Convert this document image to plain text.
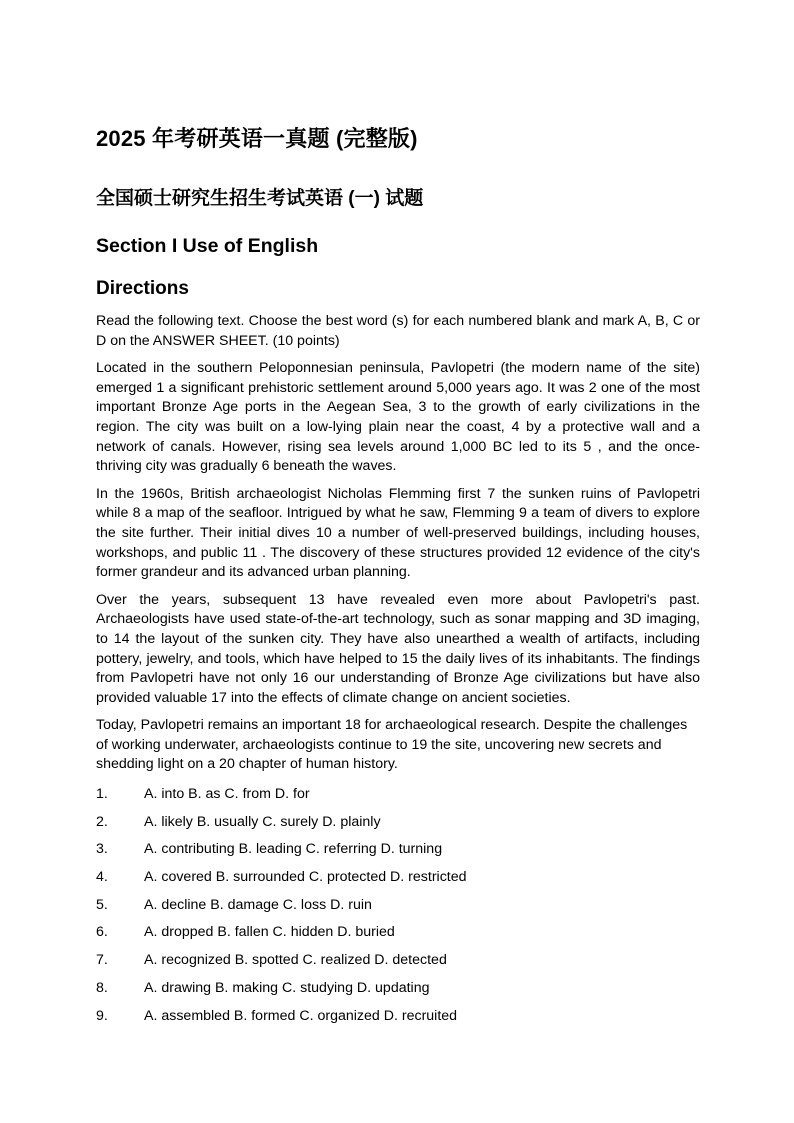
2025 年考研英语一真题 (完整版)
全国硕士研究生招生考试英语 (一) 试题
Section I Use of English
Directions

Read the following text. Choose the best word (s) for each numbered blank and mark A, B, C or D on the ANSWER SHEET. (10 points)

Located in the southern Peloponnesian peninsula, Pavlopetri (the modern name of the site) emerged 1 a significant prehistoric settlement around 5,000 years ago. It was 2 one of the most important Bronze Age ports in the Aegean Sea, 3 to the growth of early civilizations in the region. The city was built on a low-lying plain near the coast, 4 by a protective wall and a network of canals. However, rising sea levels around 1,000 BC led to its 5 , and the once-thriving city was gradually 6 beneath the waves.

In the 1960s, British archaeologist Nicholas Flemming first 7 the sunken ruins of Pavlopetri while 8 a map of the seafloor. Intrigued by what he saw, Flemming 9 a team of divers to explore the site further. Their initial dives 10 a number of well-preserved buildings, including houses, workshops, and public 11 . The discovery of these structures provided 12 evidence of the city's former grandeur and its advanced urban planning.

Over the years, subsequent 13 have revealed even more about Pavlopetri's past. Archaeologists have used state-of-the-art technology, such as sonar mapping and 3D imaging, to 14 the layout of the sunken city. They have also unearthed a wealth of artifacts, including pottery, jewelry, and tools, which have helped to 15 the daily lives of its inhabitants. The findings from Pavlopetri have not only 16 our understanding of Bronze Age civilizations but have also provided valuable 17 into the effects of climate change on ancient societies.

Today, Pavlopetri remains an important 18 for archaeological research. Despite the challenges of working underwater, archaeologists continue to 19 the site, uncovering new secrets and shedding light on a 20 chapter of human history.

1.	A. into B. as C. from D. for
2.	A. likely B. usually C. surely D. plainly
3.	A. contributing B. leading C. referring D. turning
4.	A. covered B. surrounded C. protected D. restricted
5.	A. decline B. damage C. loss D. ruin
6.	A. dropped B. fallen C. hidden D. buried
7.	A. recognized B. spotted C. realized D. detected
8.	A. drawing B. making C. studying D. updating
9.	A. assembled B. formed C. organized D. recruited
